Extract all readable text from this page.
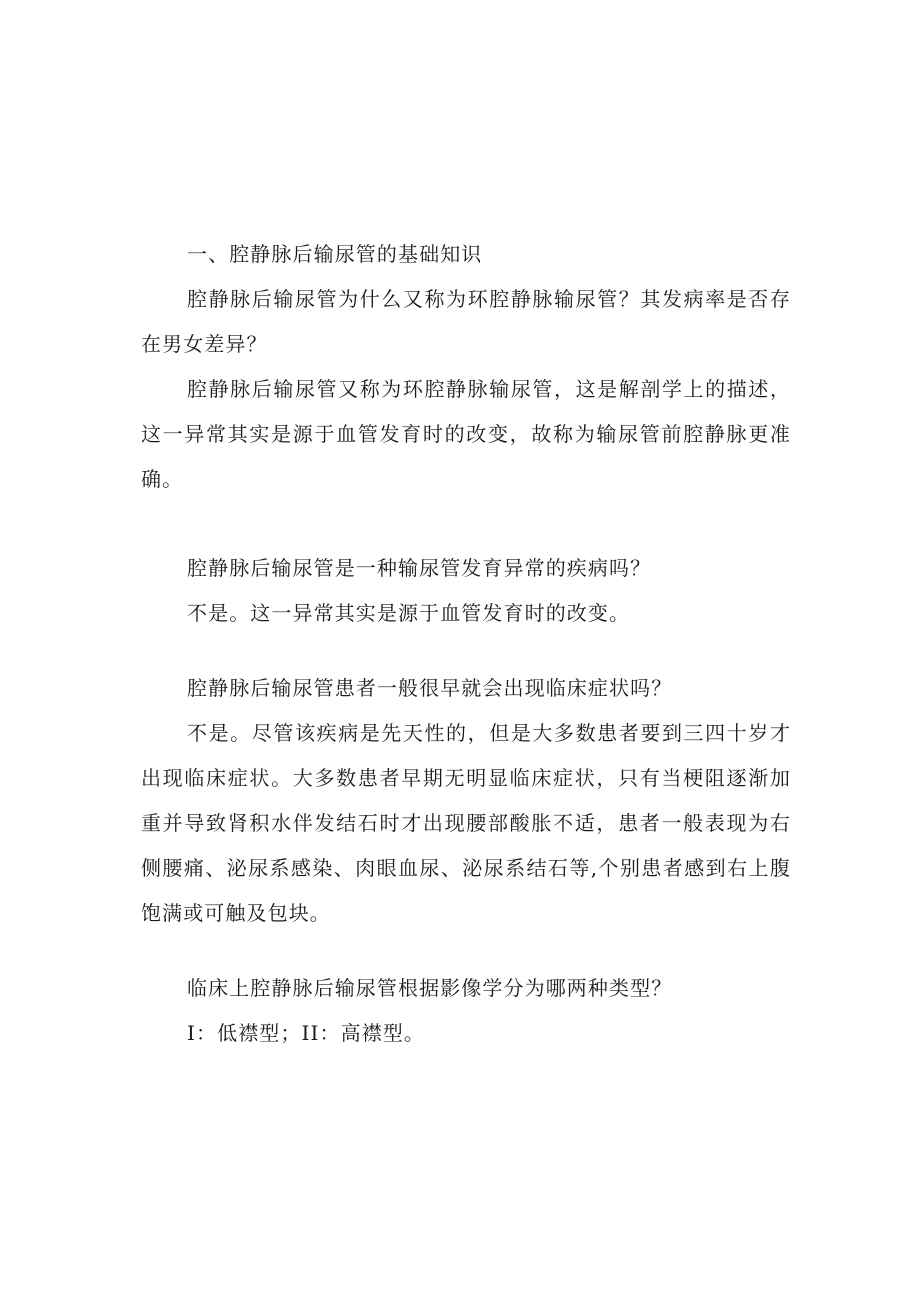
一、腔静脉后输尿管的基础知识

腔静脉后输尿管为什么又称为环腔静脉输尿管？其发病率是否存在男女差异？

腔静脉后输尿管又称为环腔静脉输尿管，这是解剖学上的描述，这一异常其实是源于血管发育时的改变，故称为输尿管前腔静脉更准确。

腔静脉后输尿管是一种输尿管发育异常的疾病吗？

不是。这一异常其实是源于血管发育时的改变。

腔静脉后输尿管患者一般很早就会出现临床症状吗？

不是。尽管该疾病是先天性的，但是大多数患者要到三四十岁才出现临床症状。大多数患者早期无明显临床症状，只有当梗阻逐渐加重并导致肾积水伴发结石时才出现腰部酸胀不适，患者一般表现为右侧腰痛、泌尿系感染、肉眼血尿、泌尿系结石等,个别患者感到右上腹饱满或可触及包块。

临床上腔静脉后输尿管根据影像学分为哪两种类型？

I：低襟型；II：高襟型。
